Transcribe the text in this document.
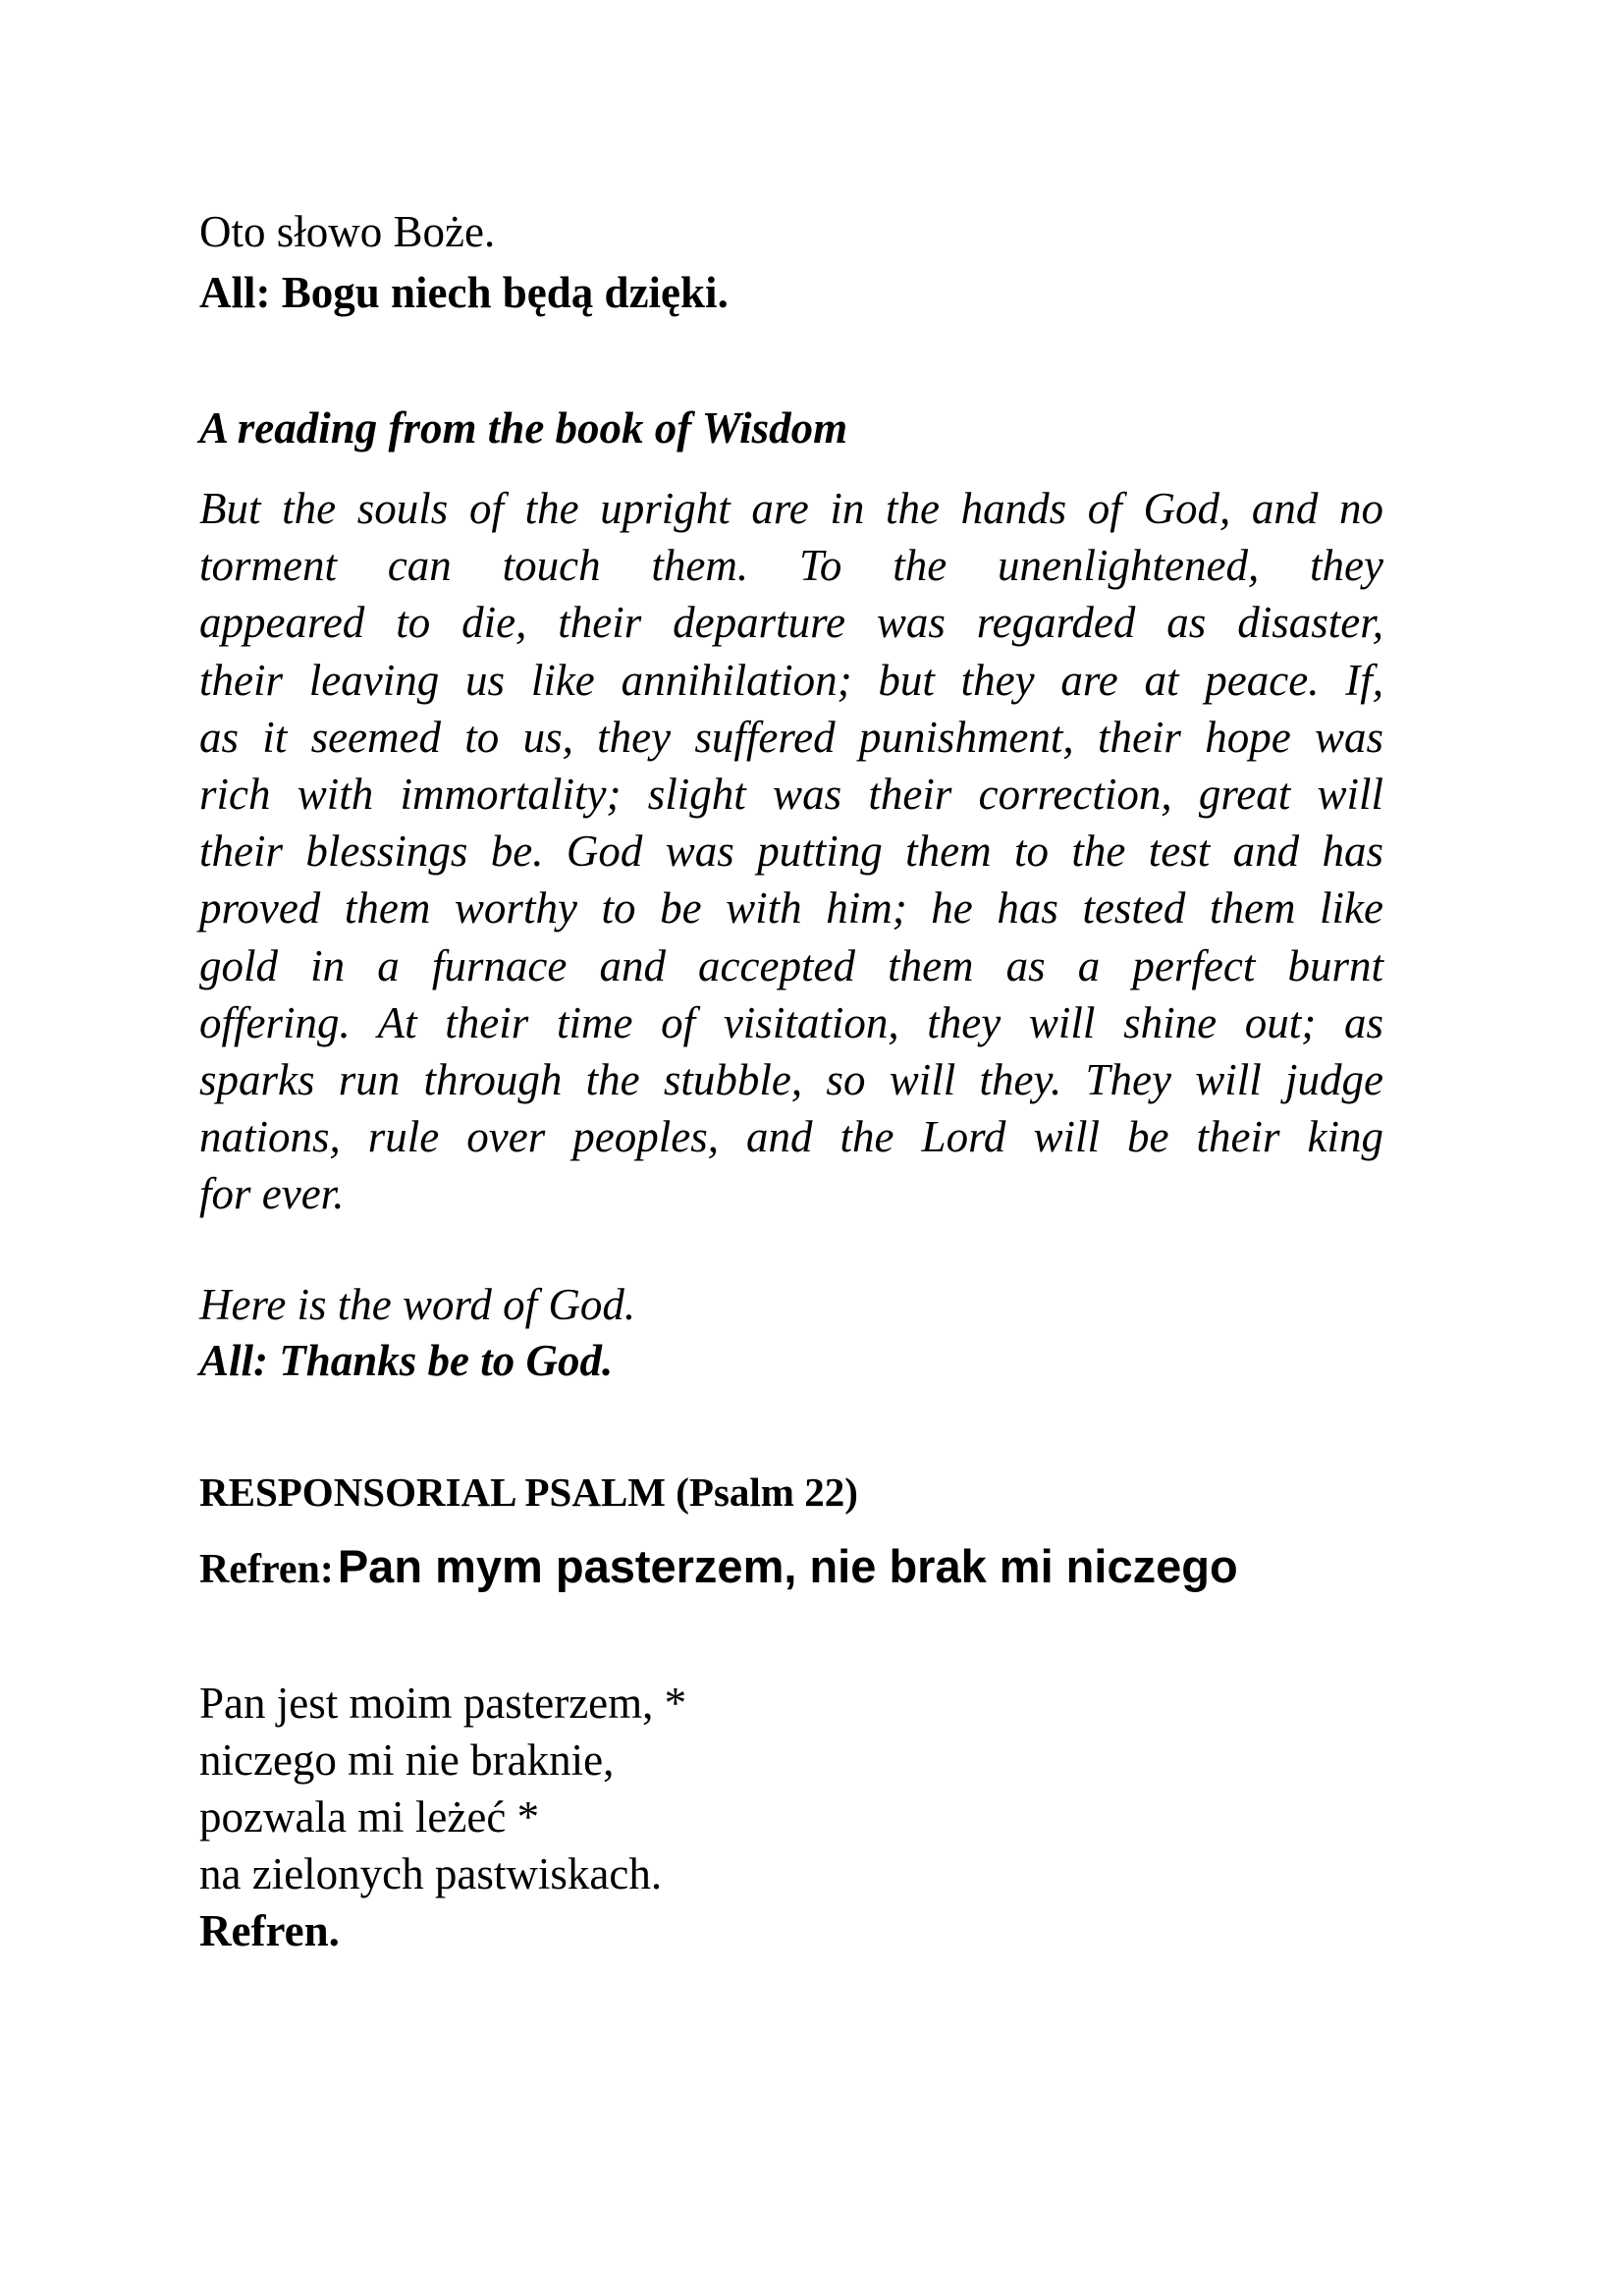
Oto słowo Boże.
All: Bogu niech będą dzięki.
A reading from the book of Wisdom
But the souls of the upright are in the hands of God, and no
torment can touch them. To the unenlightened, they
appeared to die, their departure was regarded as disaster,
their leaving us like annihilation; but they are at peace. If,
as it seemed to us, they suffered punishment, their hope was
rich with immortality; slight was their correction, great will
their blessings be. God was putting them to the test and has
proved them worthy to be with him; he has tested them like
gold in a furnace and accepted them as a perfect burnt
offering. At their time of visitation, they will shine out; as
sparks run through the stubble, so will they. They will judge
nations, rule over peoples, and the Lord will be their king
for ever.
Here is the word of God.
All: Thanks be to God.
RESPONSORIAL PSALM (Psalm 22)
Refren: Pan mym pasterzem, nie brak mi niczego
Pan jest moim pasterzem, *
niczego mi nie braknie,
pozwala mi leżeć *
na zielonych pastwiskach.
Refren.
